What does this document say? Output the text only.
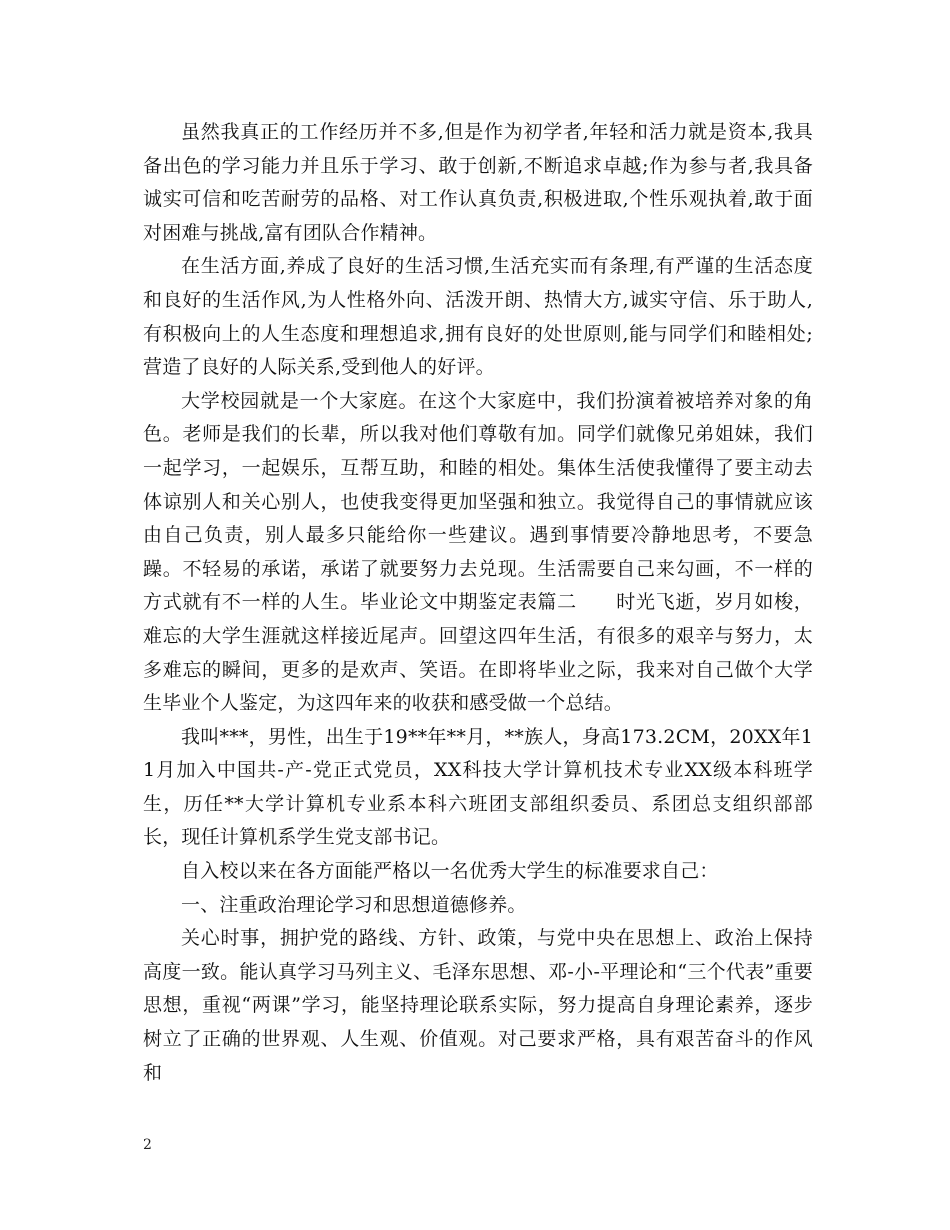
虽然我真正的工作经历并不多,但是作为初学者,年轻和活力就是资本,我具备出色的学习能力并且乐于学习、敢于创新,不断追求卓越;作为参与者,我具备诚实可信和吃苦耐劳的品格、对工作认真负责,积极进取,个性乐观执着,敢于面对困难与挑战,富有团队合作精神。

在生活方面,养成了良好的生活习惯,生活充实而有条理,有严谨的生活态度和良好的生活作风,为人性格外向、活泼开朗、热情大方,诚实守信、乐于助人,有积极向上的人生态度和理想追求,拥有良好的处世原则,能与同学们和睦相处;营造了良好的人际关系,受到他人的好评。

大学校园就是一个大家庭。在这个大家庭中，我们扮演着被培养对象的角色。老师是我们的长辈，所以我对他们尊敬有加。同学们就像兄弟姐妹，我们一起学习，一起娱乐，互帮互助，和睦的相处。集体生活使我懂得了要主动去体谅别人和关心别人，也使我变得更加坚强和独立。我觉得自己的事情就应该由自己负责，别人最多只能给你一些建议。遇到事情要冷静地思考，不要急躁。不轻易的承诺，承诺了就要努力去兑现。生活需要自己来勾画，不一样的方式就有不一样的人生。毕业论文中期鉴定表篇二　　时光飞逝，岁月如梭，难忘的大学生涯就这样接近尾声。回望这四年生活，有很多的艰辛与努力，太多难忘的瞬间，更多的是欢声、笑语。在即将毕业之际，我来对自己做个大学生毕业个人鉴定，为这四年来的收获和感受做一个总结。

我叫***，男性，出生于19**年**月，**族人，身高173.2CM，20XX年11月加入中国共-产-党正式党员，XX科技大学计算机技术专业XX级本科班学生，历任**大学计算机专业系本科六班团支部组织委员、系团总支组织部部长，现任计算机系学生党支部书记。

自入校以来在各方面能严格以一名优秀大学生的标准要求自己：

一、注重政治理论学习和思想道德修养。

关心时事，拥护党的路线、方针、政策，与党中央在思想上、政治上保持高度一致。能认真学习马列主义、毛泽东思想、邓-小-平理论和“三个代表”重要思想，重视“两课”学习，能坚持理论联系实际，努力提高自身理论素养，逐步树立了正确的世界观、人生观、价值观。对己要求严格，具有艰苦奋斗的作风和

2
